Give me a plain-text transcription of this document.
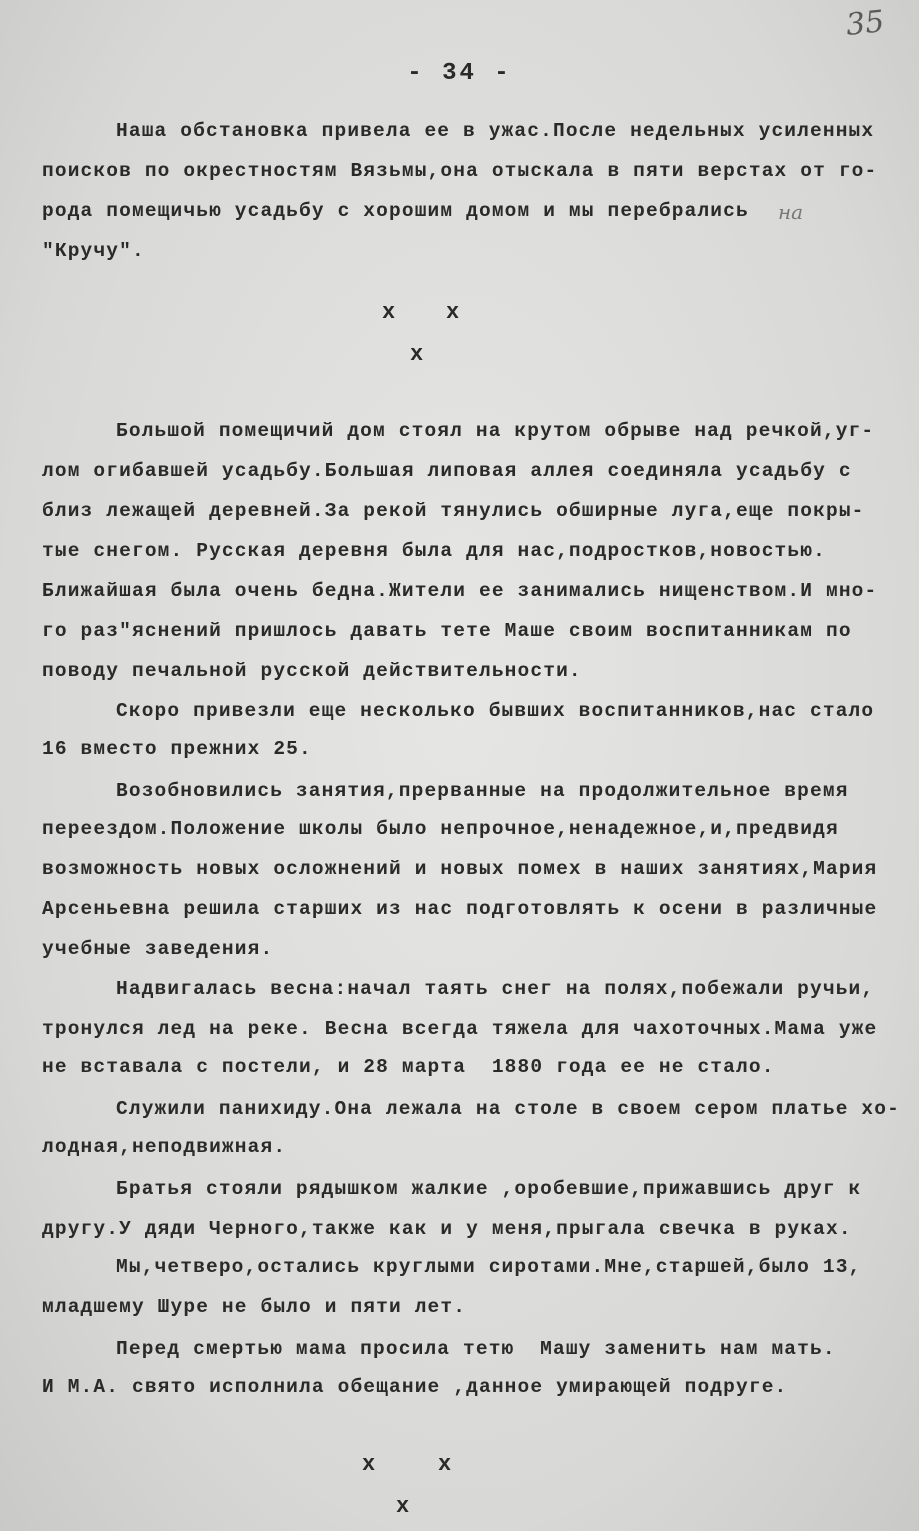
35
- 34 -
Наша обстановка привела ее в ужас.После недельных усиленных
поисков по окрестностям Вязьмы,она отыскала в пяти верстах от го-
рода помещичью усадьбу с хорошим домом и мы перебрались на
"Кручу".
x x
x
Большой помещичий дом стоял на крутом обрыве над речкой,уг-
лом огибавшей усадьбу.Большая липовая аллея соединяла усадьбу с
близ лежащей деревней.За рекой тянулись обширные луга,еще покры-
тые снегом. Русская деревня была для нас,подростков,новостью.
Ближайшая была очень бедна.Жители ее занимались нищенством.И мно-
го раз"яснений пришлось давать тете Маше своим воспитанникам по
поводу печальной русской действительности.
Скоро привезли еще несколько бывших воспитанников,нас стало
16 вместо прежних 25.
Возобновились занятия,прерванные на продолжительное время
переездом.Положение школы было непрочное,ненадежное,и,предвидя
возможность новых осложнений и новых помех в наших занятиях,Мария
Арсеньевна решила старших из нас подготовлять к осени в различные
учебные заведения.
Надвигалась весна:начал таять снег на полях,побежали ручьи,
тронулся лед на реке. Весна всегда тяжела для чахоточных.Мама уже
не вставала с постели, и 28 марта  1880 года ее не стало.
Служили панихиду.Она лежала на столе в своем сером платье хо-
лодная,неподвижная.
Братья стояли рядышком жалкие ,оробевшие,прижавшись друг к
другу.У дяди Черного,также как и у меня,прыгала свечка в руках.
Мы,четверо,остались круглыми сиротами.Мне,старшей,было 13,
младшему Шуре не было и пяти лет.
Перед смертью мама просила тетю  Машу заменить нам мать.
И М.А. свято исполнила обещание ,данное умирающей подруге.
x	x
x
